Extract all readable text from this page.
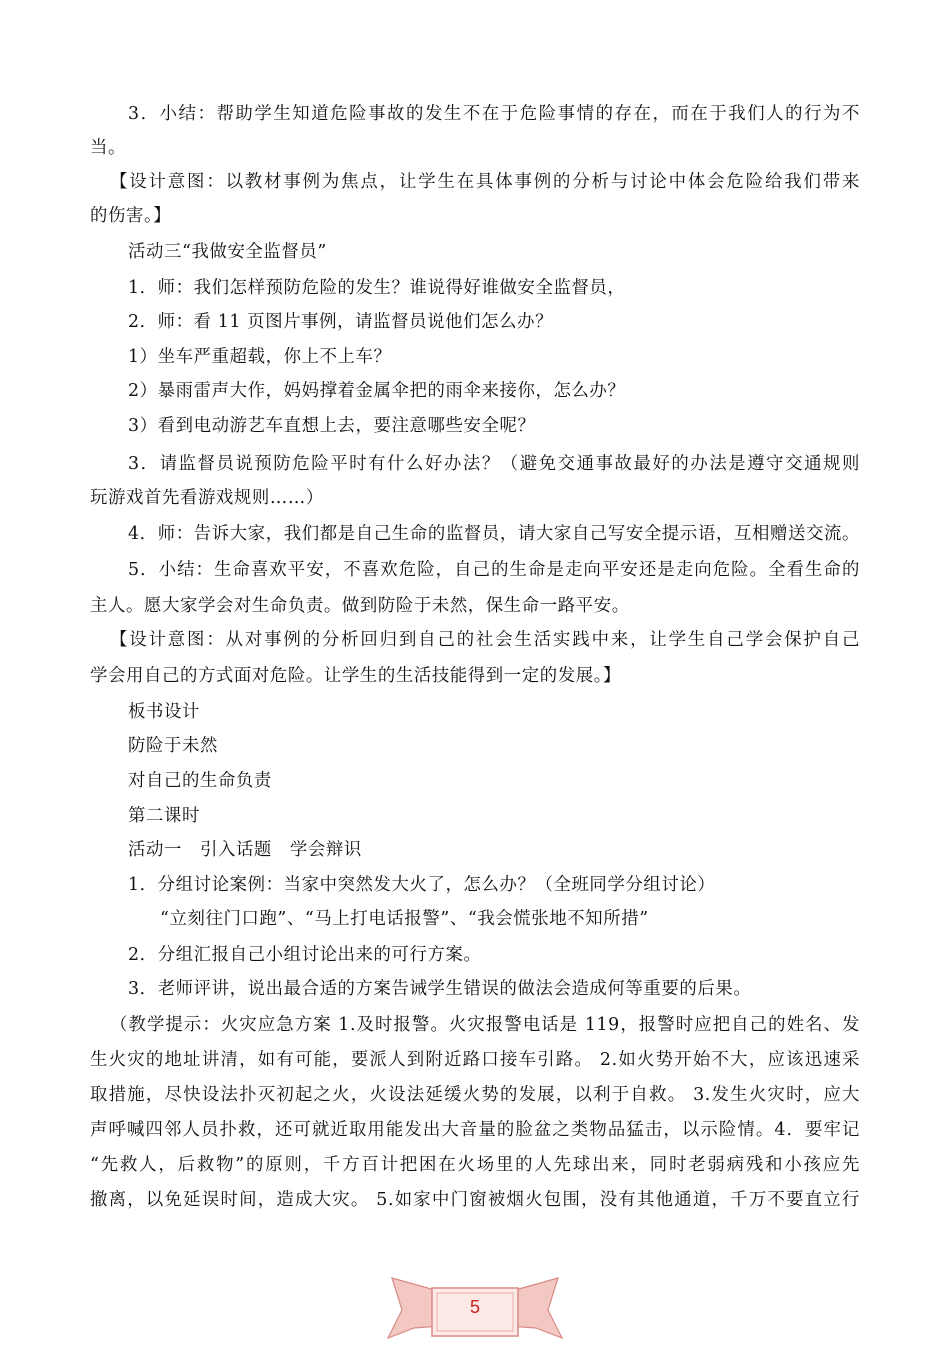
3．小结：帮助学生知道危险事故的发生不在于危险事情的存在，而在于我们人的行为不
当。
【设计意图：以教材事例为焦点，让学生在具体事例的分析与讨论中体会危险给我们带来
的伤害。】
活动三“我做安全监督员”
1．师：我们怎样预防危险的发生？谁说得好谁做安全监督员，
2．师：看 11 页图片事例，请监督员说他们怎么办？
1）坐车严重超载，你上不上车？
2）暴雨雷声大作，妈妈撑着金属伞把的雨伞来接你，怎么办？
3）看到电动游艺车直想上去，要注意哪些安全呢？
3．请监督员说预防危险平时有什么好办法？（避免交通事故最好的办法是遵守交通规则
玩游戏首先看游戏规则……）
4．师：告诉大家，我们都是自己生命的监督员，请大家自己写安全提示语，互相赠送交流。
5．小结：生命喜欢平安，不喜欢危险，自己的生命是走向平安还是走向危险。全看生命的
主人。愿大家学会对生命负责。做到防险于未然，保生命一路平安。
【设计意图：从对事例的分析回归到自己的社会生活实践中来，让学生自己学会保护自己
学会用自己的方式面对危险。让学生的生活技能得到一定的发展。】
板书设计
防险于未然
对自己的生命负责
第二课时
活动一　引入话题　学会辩识
1．分组讨论案例：当家中突然发大火了，怎么办？（全班同学分组讨论）
“立刻往门口跑”、“马上打电话报警”、“我会慌张地不知所措”
2．分组汇报自己小组讨论出来的可行方案。
3．老师评讲，说出最合适的方案告诫学生错误的做法会造成何等重要的后果。
（教学提示：火灾应急方案 1.及时报警。火灾报警电话是 119，报警时应把自己的姓名、发
生火灾的地址讲清，如有可能，要派人到附近路口接车引路。 2.如火势开始不大，应该迅速采
取措施，尽快设法扑灭初起之火，火设法延缓火势的发展，以利于自救。 3.发生火灾时，应大
声呼喊四邻人员扑救，还可就近取用能发出大音量的脸盆之类物品猛击，以示险情。4．要牢记
“先救人，后救物”的原则，千方百计把困在火场里的人先球出来，同时老弱病残和小孩应先
撤离，以免延误时间，造成大灾。 5.如家中门窗被烟火包围，没有其他通道，千万不要直立行
5
